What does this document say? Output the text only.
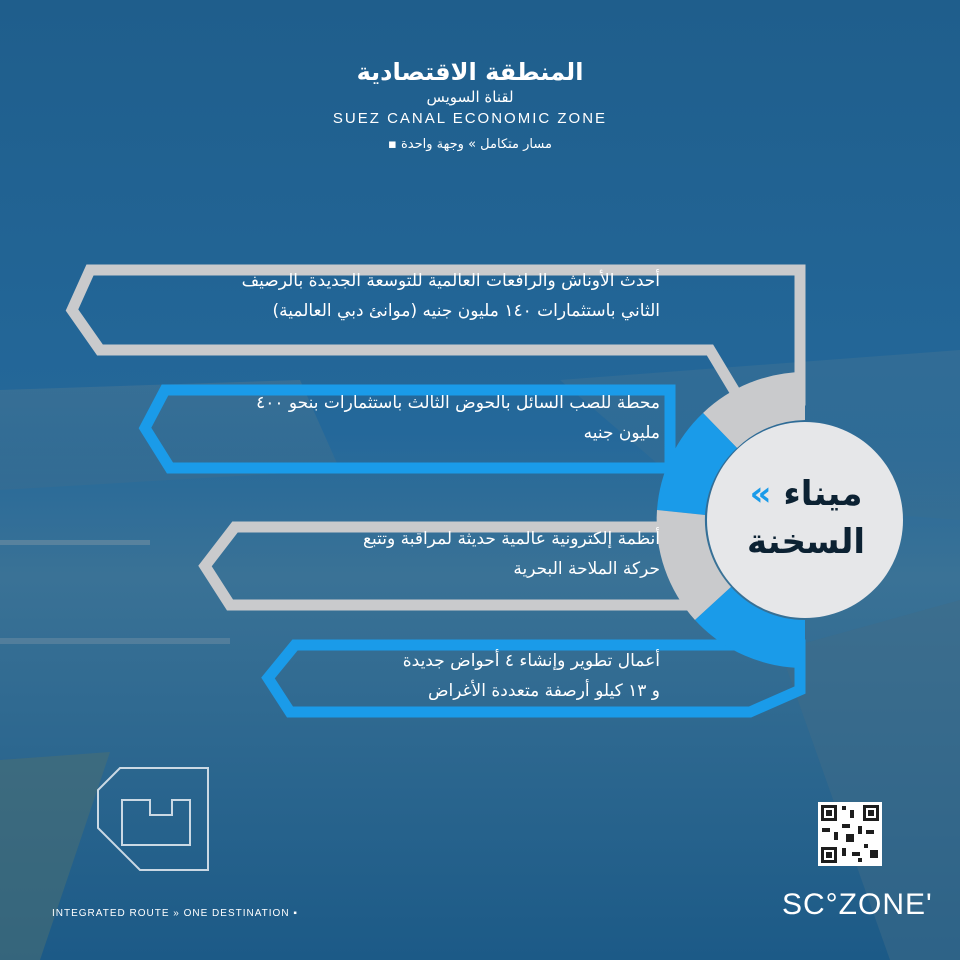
المنطقة الاقتصادية
لقناة السويس
SUEZ CANAL ECONOMIC ZONE
مسار متكامل » وجهة واحدة ▪
أحدث الأوناش والرافعات العالمية للتوسعة الجديدة بالرصيف
الثاني باستثمارات ١٤٠ مليون جنيه (موانئ دبي العالمية)
محطة للصب السائل بالحوض الثالث باستثمارات بنحو ٤٠٠
مليون جنيه
أنظمة إلكترونية عالمية حديثة لمراقبة وتتبع
حركة الملاحة البحرية
أعمال تطوير وإنشاء ٤ أحواض جديدة
و ١٣ كيلو أرصفة متعددة الأغراض
ميناء »
السخنة
INTEGRATED ROUTE » ONE DESTINATION ▪	SC°ZONE'
